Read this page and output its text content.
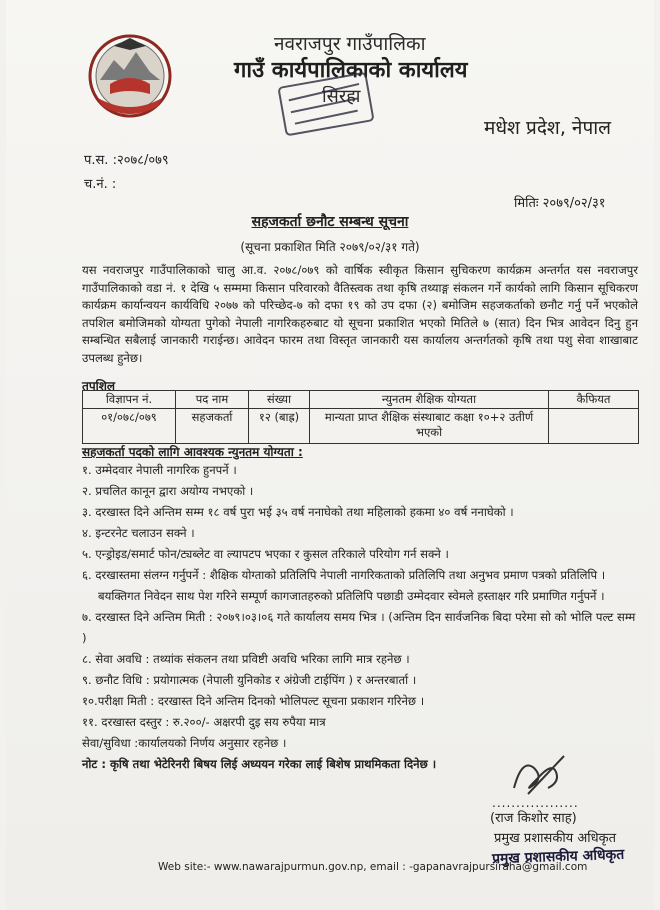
नवराजपुर गाउँपालिका
गाउँ कार्यपालिकाको कार्यालय
सिरहा
मधेश प्रदेश, नेपाल
प.स. :२०७८/०७९
च.नं. :
मितिः २०७९/०२/३१
सहजकर्ता छनौट सम्बन्ध सूचना
(सूचना प्रकाशित मिति २०७९/०२/३१ गते)
यस नवराजपुर गाउँपालिकाको चालु आ.व. २०७८/०७९ को वार्षिक स्वीकृत किसान सुचिकरण कार्यक्रम अन्तर्गत यस नवराजपुर गाउँपालिकाको वडा नं. १ देखि ५ सम्ममा किसान परिवारको वैतिस्त्वक तथा कृषि तथ्याङ्ग संकलन गर्ने कार्यको लागि किसान सूचिकरण कार्यक्रम कार्यान्वयन कार्यविधि २०७७ को परिच्छेद-७ को दफा १९ को उप दफा (२) बमोजिम सहजकर्ताको छनौट गर्नु पर्ने भएकोले तपशिल बमोजिमको योग्यता पुगेको नेपाली नागरिकहरुबाट यो सूचना प्रकाशित भएको मितिले ७ (सात) दिन भित्र आवेदन दिनु हुन सम्बन्धित सबैलाई जानकारी गराईन्छ। आवेदन फारम तथा विस्तृत जानकारी यस कार्यालय अन्तर्गतको कृषि तथा पशु सेवा शाखाबाट उपलब्ध हुनेछ।
तपशिल
विज्ञापन नं.	पद नाम	संख्या	न्युनतम शैक्षिक योग्यता	कैफियत
०१/०७८/०७९	सहजकर्ता	१२ (बाह्र)	मान्यता प्राप्त शैक्षिक संस्थाबाट कक्षा १०+२ उतीर्ण भएको	
सहजकर्ता पदको लागि आवश्यक न्युनतम योग्यता :
१. उम्मेदवार नेपाली नागरिक हुनपर्ने ।
२. प्रचलित कानून द्वारा अयोग्य नभएको ।
३. दरखास्त दिने अन्तिम सम्म १८ वर्ष पुरा भई ३५ वर्ष ननाघेको तथा महिलाको हकमा ४० वर्ष ननाघेको ।
४. इन्टरनेट चलाउन सक्ने ।
५. एन्ड्रोइड/समार्ट फोन/ट्यब्लेट वा ल्यापटप भएका र कुसल तरिकाले परियोग गर्न सक्ने ।
६. दरखास्तमा संलग्न गर्नुपर्ने : शैक्षिक योग्ताको प्रतिलिपि नेपाली नागरिकताको प्रतिलिपि तथा अनुभव प्रमाण पत्रको प्रतिलिपि ।
बयक्तिगत निवेदन साथ पेश गरिने सम्पूर्ण कागजातहरुको प्रतिलिपि पछाडी उम्मेदवार स्वेमले हस्ताक्षर गरि प्रमाणित गर्नुपर्ने ।
७. दरखास्त दिने अन्तिम मिती : २०७९।०३।०६ गते कार्यालय समय भित्र । (अन्तिम दिन सार्वजनिक बिदा परेमा सो को भोलि पल्ट सम्म )
८. सेवा अवधि : तथ्यांक संकलन तथा प्रविष्टी अवधि भरिका लागि मात्र रहनेछ ।
९. छनौट विधि : प्रयोगात्मक (नेपाली युनिकोड र अंग्रेजी टाईपिंग ) र अन्तरबार्ता ।
१०.परीक्षा मिती : दरखास्त दिने अन्तिम दिनको भोलिपल्ट सूचना प्रकाशन गरिनेछ ।
११. दरखास्त दस्तुर : रु.२००/- अक्षरपी दुइ सय रुपैया मात्र
सेवा/सुविधा :कार्यालयको निर्णय अनुसार रहनेछ ।
नोट : कृषि तथा भेटेरिनरी बिषय लिई अध्ययन गरेका लाई बिशेष प्राथमिकता दिनेछ ।
..................
(राज किशोर साह)
प्रमुख प्रशासकीय अधिकृत
प्रमुख प्रशासकीय अधिकृत
Web site:- www.nawarajpurmun.gov.np, email : -gapanavrajpursiraha@gmail.com
